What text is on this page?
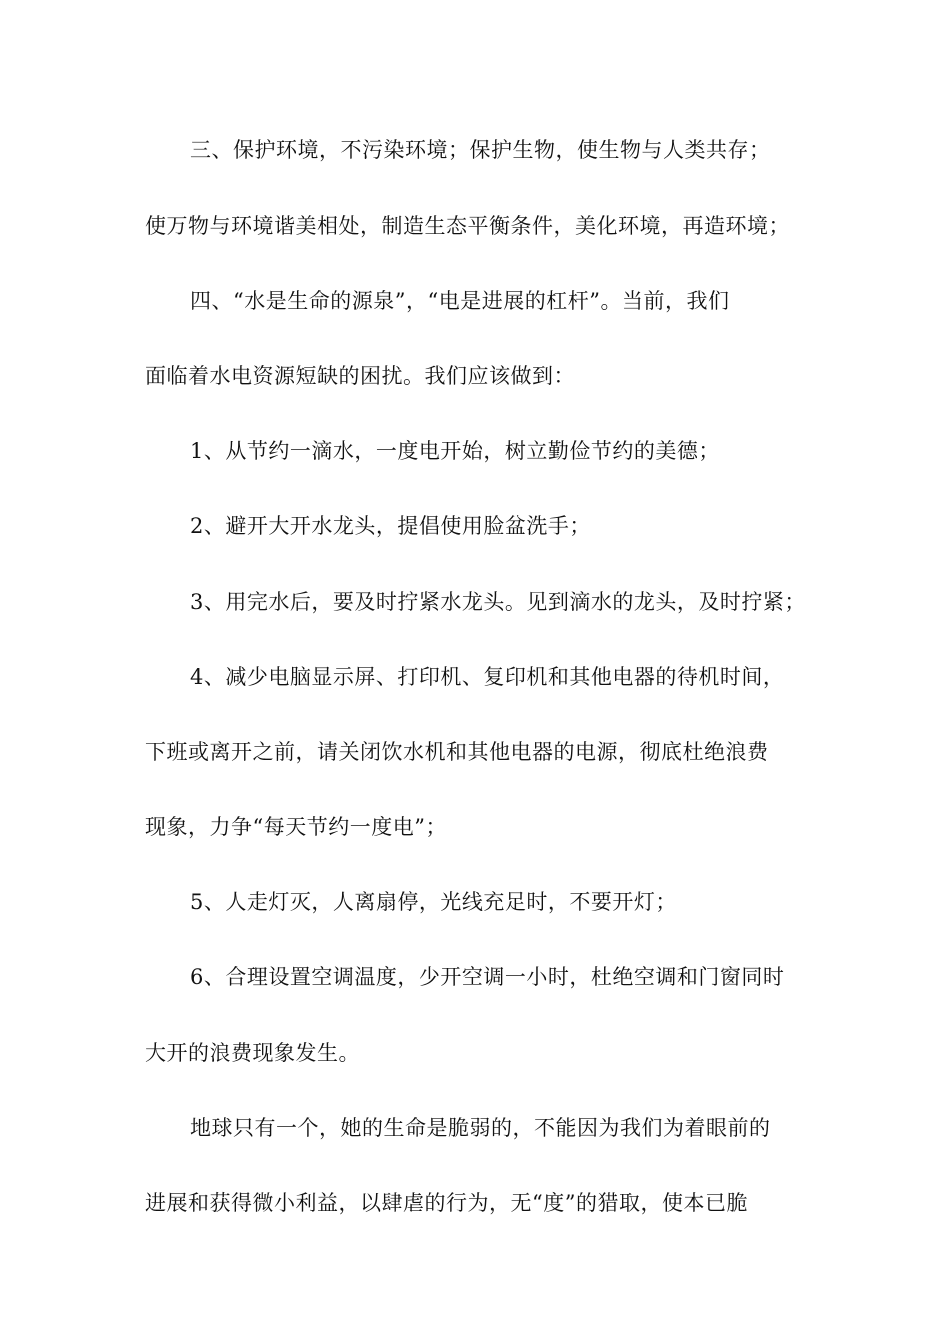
三、保护环境，不污染环境；保护生物，使生物与人类共存；
使万物与环境谐美相处，制造生态平衡条件，美化环境，再造环境；
四、“水是生命的源泉”，“电是进展的杠杆”。当前，我们
面临着水电资源短缺的困扰。我们应该做到：
1、从节约一滴水，一度电开始，树立勤俭节约的美德；
2、避开大开水龙头，提倡使用脸盆洗手；
3、用完水后，要及时拧紧水龙头。见到滴水的龙头，及时拧紧；
4、减少电脑显示屏、打印机、复印机和其他电器的待机时间，
下班或离开之前，请关闭饮水机和其他电器的电源，彻底杜绝浪费
现象，力争“每天节约一度电”；
5、人走灯灭，人离扇停，光线充足时，不要开灯；
6、合理设置空调温度，少开空调一小时，杜绝空调和门窗同时
大开的浪费现象发生。
地球只有一个，她的生命是脆弱的，不能因为我们为着眼前的
进展和获得微小利益，以肆虐的行为，无“度”的猎取，使本已脆
